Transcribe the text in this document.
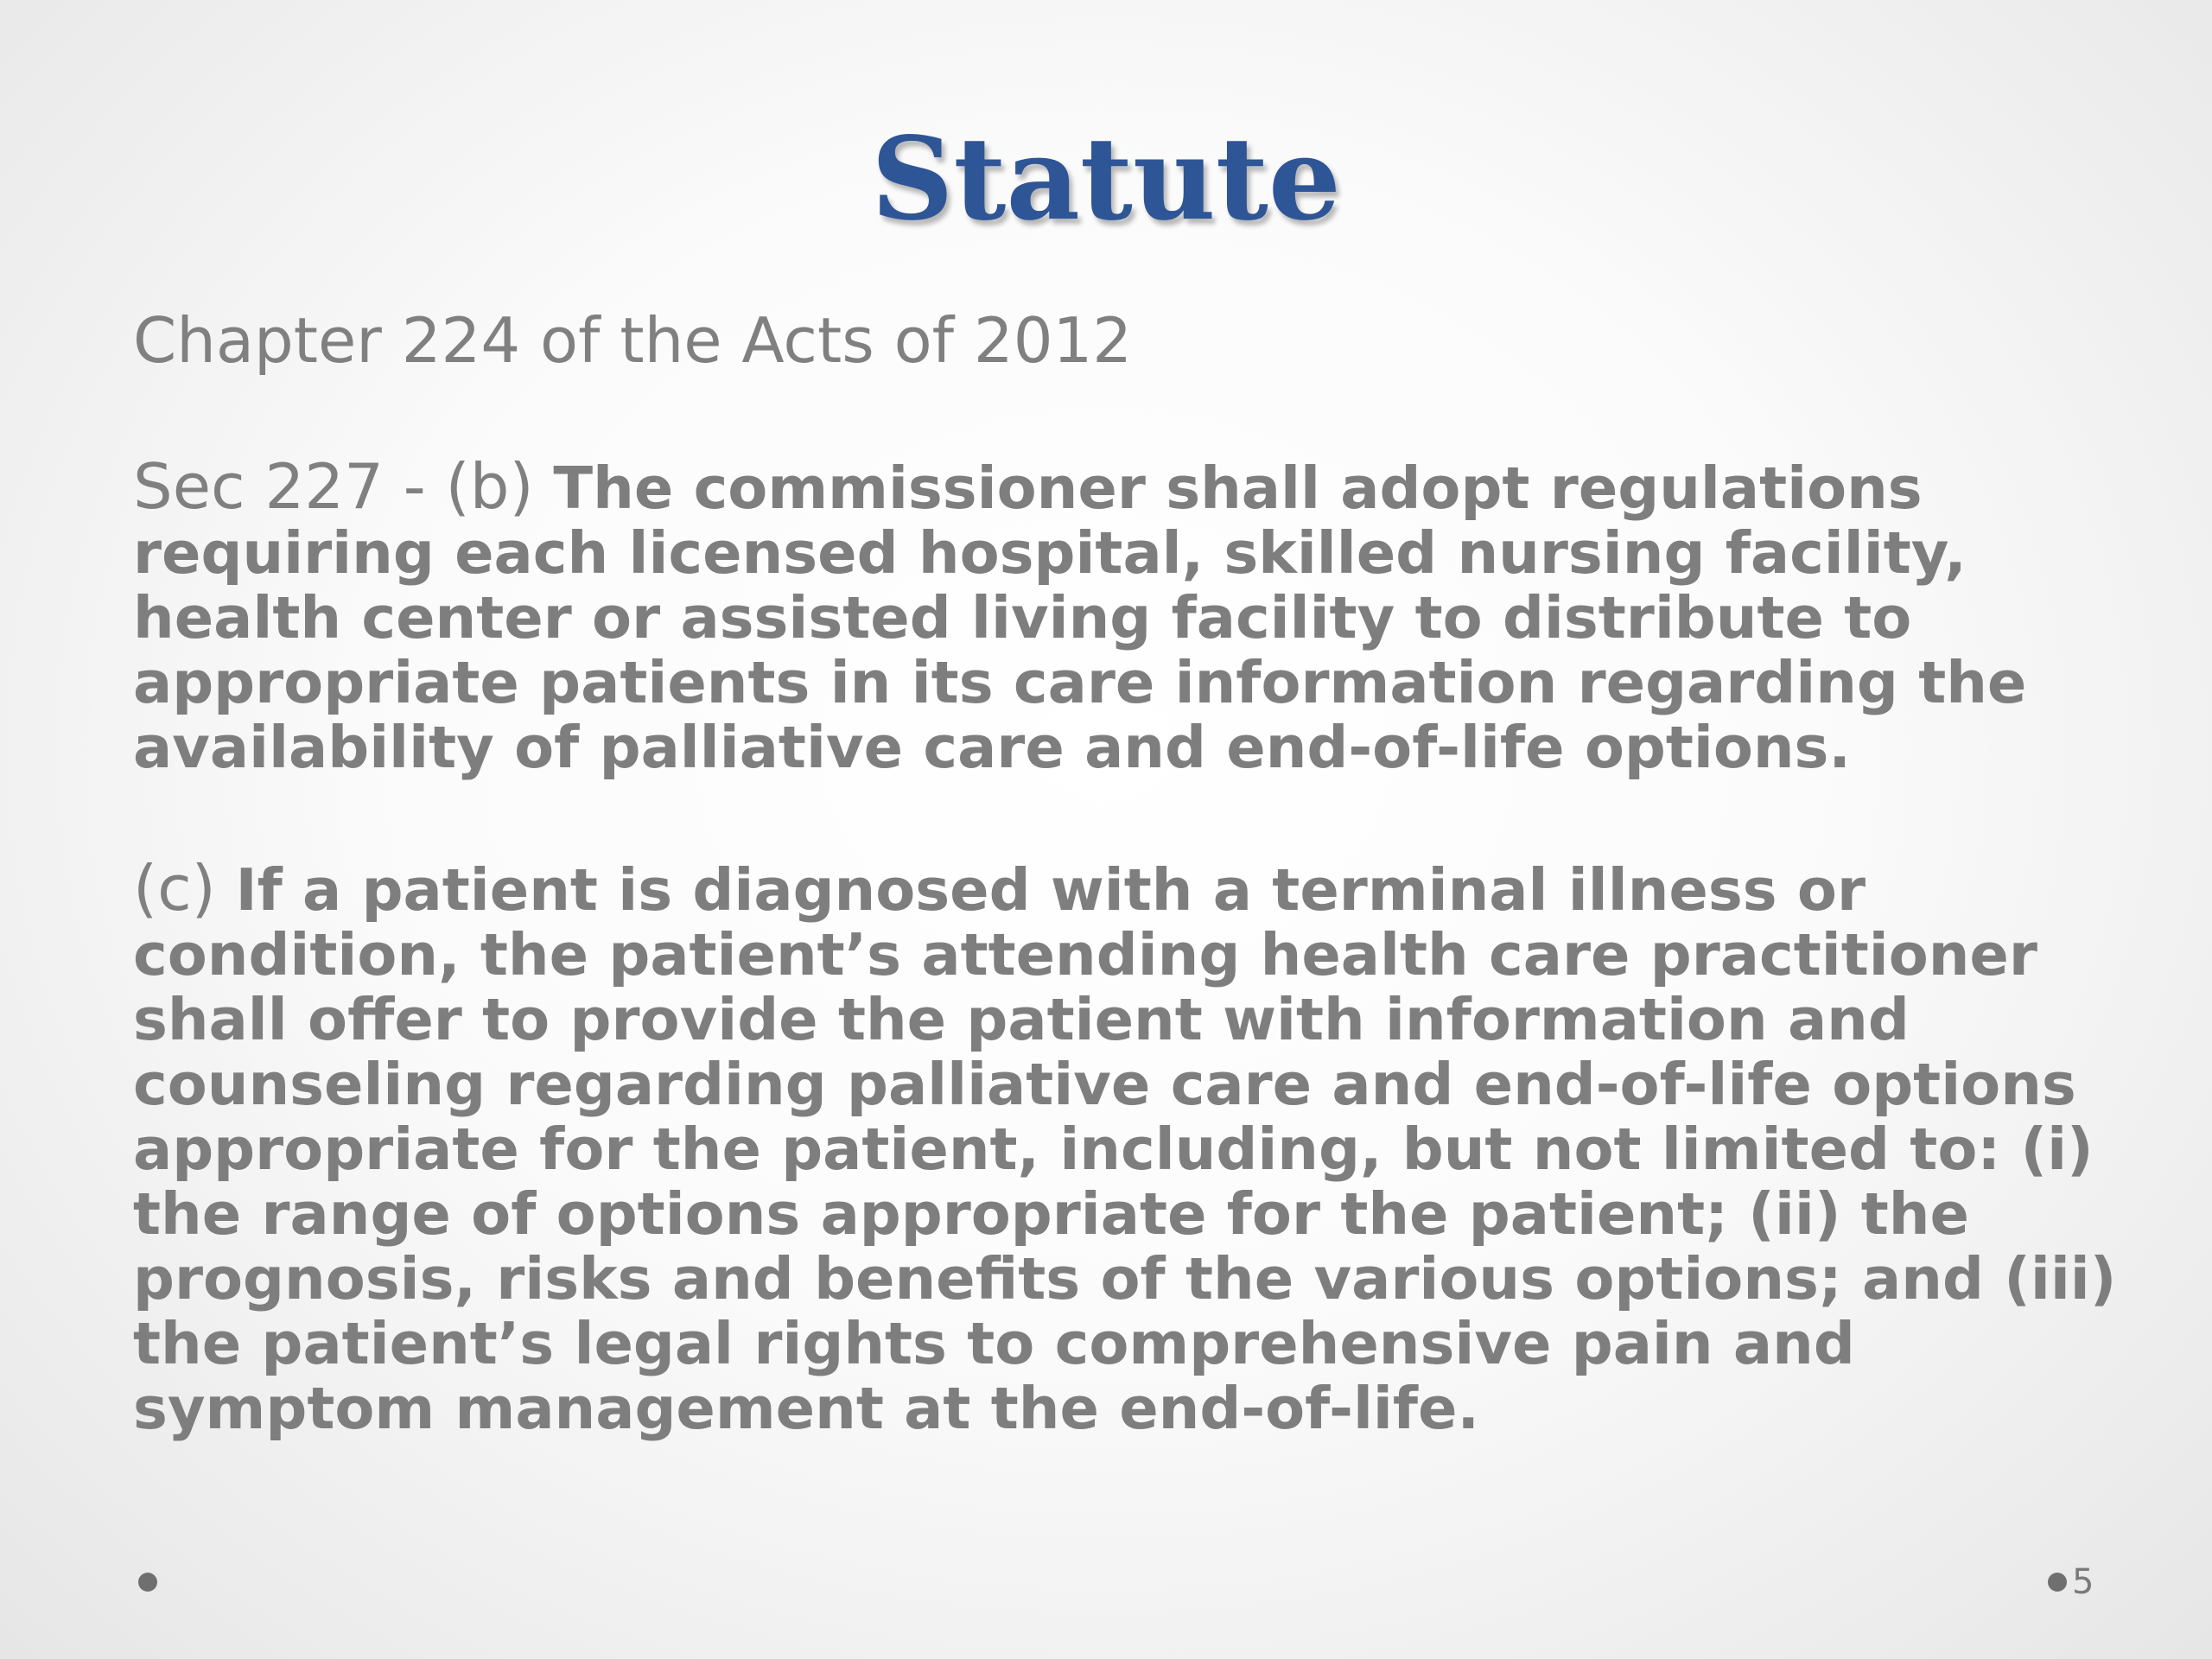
Statute

Chapter 224 of the Acts of 2012

Sec 227 - (b) The commissioner shall adopt regulations requiring each licensed hospital, skilled nursing facility, health center or assisted living facility to distribute to appropriate patients in its care information regarding the availability of palliative care and end-of-life options.

(c) If a patient is diagnosed with a terminal illness or condition, the patient’s attending health care practitioner shall offer to provide the patient with information and counseling regarding palliative care and end-of-life options appropriate for the patient, including, but not limited to: (i) the range of options appropriate for the patient; (ii) the prognosis, risks and benefits of the various options; and (iii) the patient’s legal rights to comprehensive pain and symptom management at the end-of-life.

5
